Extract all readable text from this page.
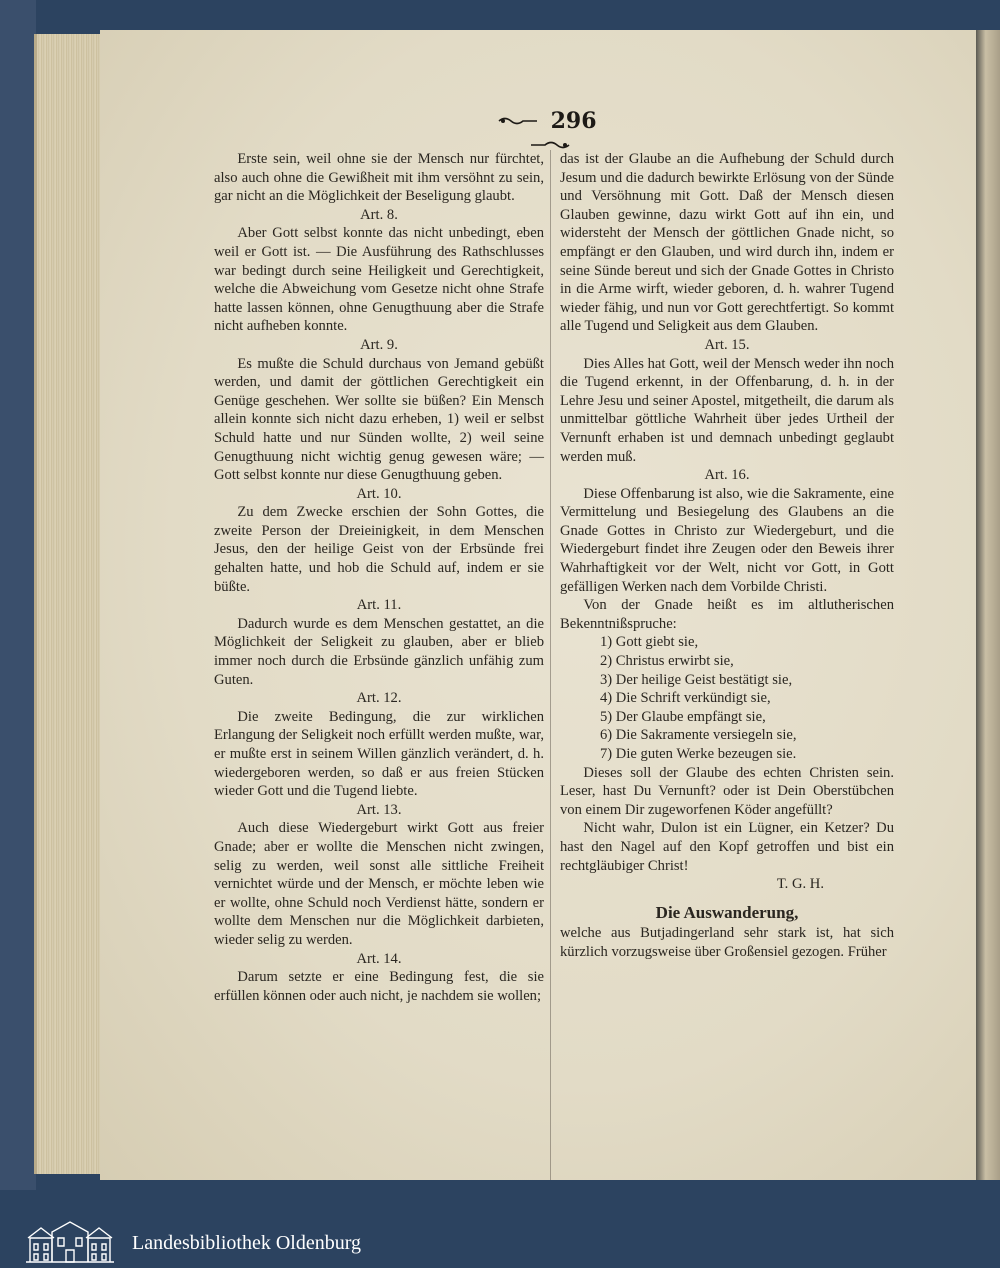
296

Erste sein, weil ohne sie der Mensch nur fürchtet, also auch ohne die Gewißheit mit ihm versöhnt zu sein, gar nicht an die Möglichkeit der Beseligung glaubt.

Art. 8.

Aber Gott selbst konnte das nicht unbedingt, eben weil er Gott ist. — Die Ausführung des Rathschlusses war bedingt durch seine Heiligkeit und Gerechtigkeit, welche die Abweichung vom Gesetze nicht ohne Strafe hatte lassen können, ohne Genugthuung aber die Strafe nicht aufheben konnte.

Art. 9.

Es mußte die Schuld durchaus von Jemand gebüßt werden, und damit der göttlichen Gerechtigkeit ein Genüge geschehen. Wer sollte sie büßen? Ein Mensch allein konnte sich nicht dazu erheben, 1) weil er selbst Schuld hatte und nur Sünden wollte, 2) weil seine Genugthuung nicht wichtig genug gewesen wäre; — Gott selbst konnte nur diese Genugthuung geben.

Art. 10.

Zu dem Zwecke erschien der Sohn Gottes, die zweite Person der Dreieinigkeit, in dem Menschen Jesus, den der heilige Geist von der Erbsünde frei gehalten hatte, und hob die Schuld auf, indem er sie büßte.

Art. 11.

Dadurch wurde es dem Menschen gestattet, an die Möglichkeit der Seligkeit zu glauben, aber er blieb immer noch durch die Erbsünde gänzlich unfähig zum Guten.

Art. 12.

Die zweite Bedingung, die zur wirklichen Erlangung der Seligkeit noch erfüllt werden mußte, war, er mußte erst in seinem Willen gänzlich verändert, d. h. wiedergeboren werden, so daß er aus freien Stücken wieder Gott und die Tugend liebte.

Art. 13.

Auch diese Wiedergeburt wirkt Gott aus freier Gnade; aber er wollte die Menschen nicht zwingen, selig zu werden, weil sonst alle sittliche Freiheit vernichtet würde und der Mensch, er möchte leben wie er wollte, ohne Schuld noch Verdienst hätte, sondern er wollte dem Menschen nur die Möglichkeit darbieten, wieder selig zu werden.

Art. 14.

Darum setzte er eine Bedingung fest, die sie erfüllen können oder auch nicht, je nachdem sie wollen;

das ist der Glaube an die Aufhebung der Schuld durch Jesum und die dadurch bewirkte Erlösung von der Sünde und Versöhnung mit Gott. Daß der Mensch diesen Glauben gewinne, dazu wirkt Gott auf ihn ein, und widersteht der Mensch der göttlichen Gnade nicht, so empfängt er den Glauben, und wird durch ihn, indem er seine Sünde bereut und sich der Gnade Gottes in Christo in die Arme wirft, wieder geboren, d. h. wahrer Tugend wieder fähig, und nun vor Gott gerechtfertigt. So kommt alle Tugend und Seligkeit aus dem Glauben.

Art. 15.

Dies Alles hat Gott, weil der Mensch weder ihn noch die Tugend erkennt, in der Offenbarung, d. h. in der Lehre Jesu und seiner Apostel, mitgetheilt, die darum als unmittelbar göttliche Wahrheit über jedes Urtheil der Vernunft erhaben ist und demnach unbedingt geglaubt werden muß.

Art. 16.

Diese Offenbarung ist also, wie die Sakramente, eine Vermittelung und Besiegelung des Glaubens an die Gnade Gottes in Christo zur Wiedergeburt, und die Wiedergeburt findet ihre Zeugen oder den Beweis ihrer Wahrhaftigkeit vor der Welt, nicht vor Gott, in Gott gefälligen Werken nach dem Vorbilde Christi.

Von der Gnade heißt es im altlutherischen Bekenntnißspruche:

1) Gott giebt sie,

2) Christus erwirbt sie,

3) Der heilige Geist bestätigt sie,

4) Die Schrift verkündigt sie,

5) Der Glaube empfängt sie,

6) Die Sakramente versiegeln sie,

7) Die guten Werke bezeugen sie.

Dieses soll der Glaube des echten Christen sein. Leser, hast Du Vernunft? oder ist Dein Oberstübchen von einem Dir zugeworfenen Köder angefüllt?

Nicht wahr, Dulon ist ein Lügner, ein Ketzer? Du hast den Nagel auf den Kopf getroffen und bist ein rechtgläubiger Christ!

T. G. H.

Die Auswanderung,

welche aus Butjadingerland sehr stark ist, hat sich kürzlich vorzugsweise über Großensiel gezogen. Früher

Landesbibliothek Oldenburg
